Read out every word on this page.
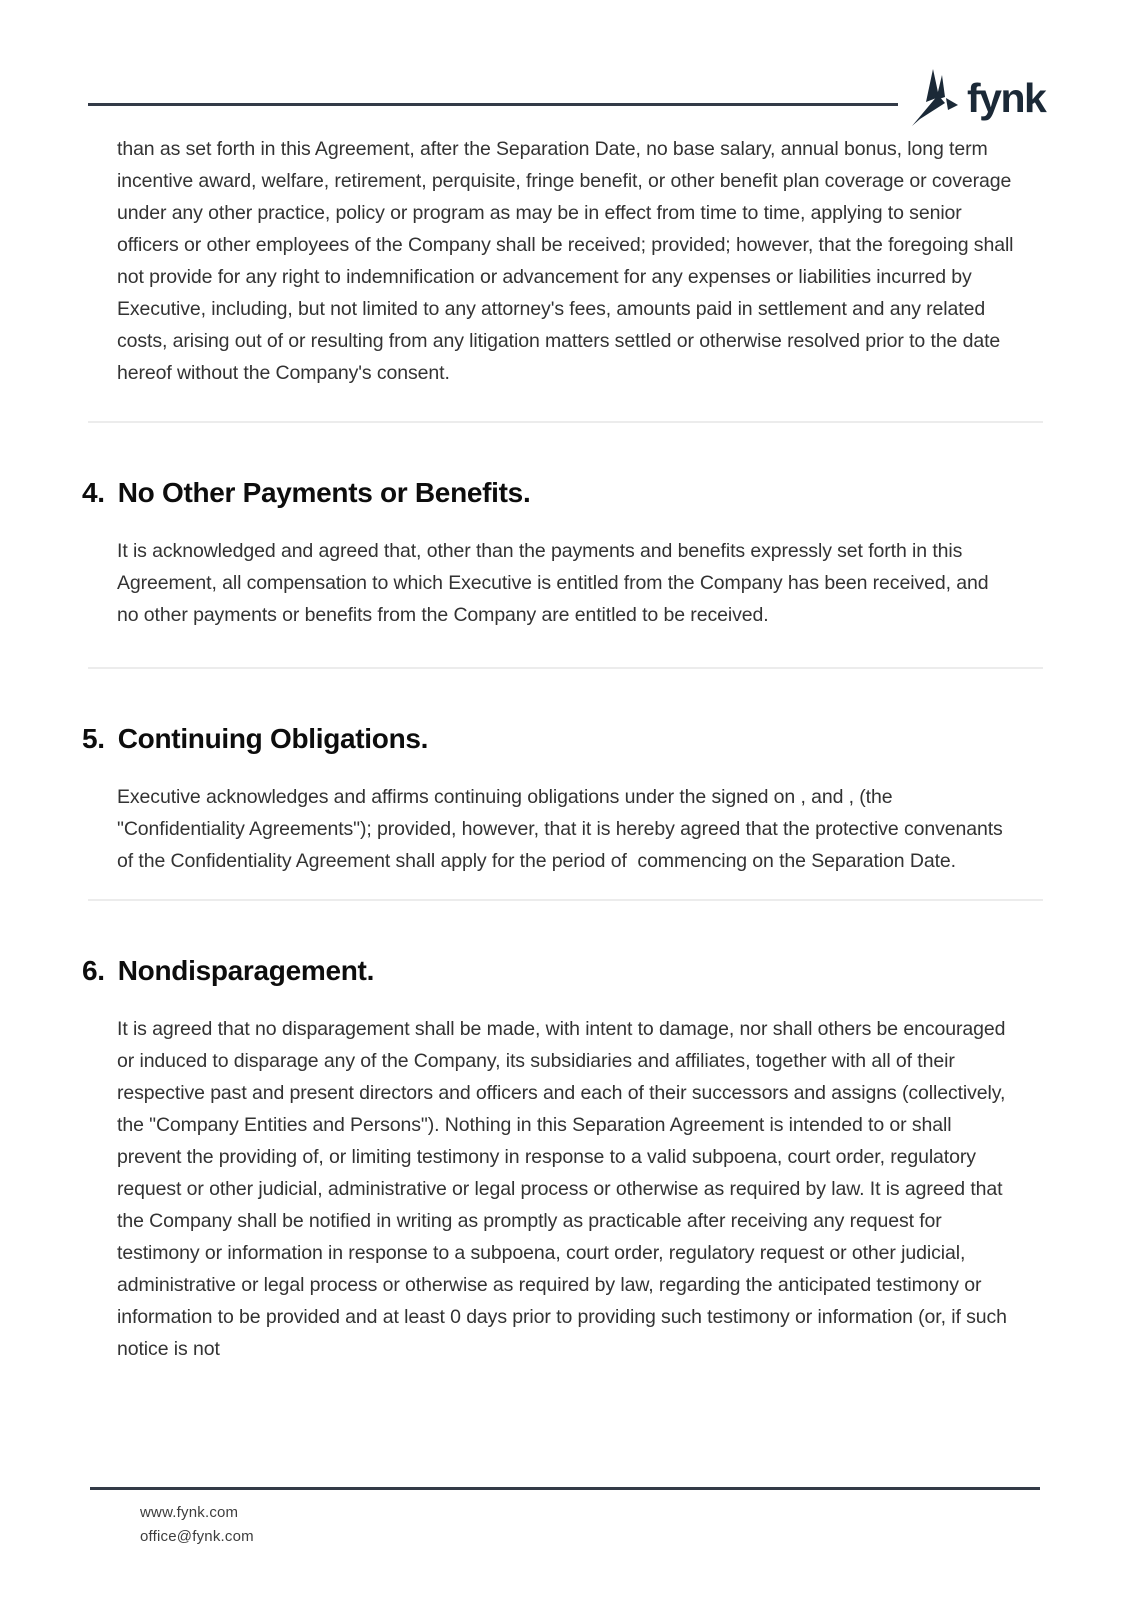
fynk

than as set forth in this Agreement, after the Separation Date, no base salary, annual bonus, long term incentive award, welfare, retirement, perquisite, fringe benefit, or other benefit plan coverage or coverage under any other practice, policy or program as may be in effect from time to time, applying to senior officers or other employees of the Company shall be received; provided; however, that the foregoing shall not provide for any right to indemnification or advancement for any expenses or liabilities incurred by Executive, including, but not limited to any attorney's fees, amounts paid in settlement and any related costs, arising out of or resulting from any litigation matters settled or otherwise resolved prior to the date hereof without the Company's consent.

4. No Other Payments or Benefits.

It is acknowledged and agreed that, other than the payments and benefits expressly set forth in this Agreement, all compensation to which Executive is entitled from the Company has been received, and no other payments or benefits from the Company are entitled to be received.

5. Continuing Obligations.

Executive acknowledges and affirms continuing obligations under the signed on , and , (the "Confidentiality Agreements"); provided, however, that it is hereby agreed that the protective convenants of the Confidentiality Agreement shall apply for the period of  commencing on the Separation Date.

6. Nondisparagement.

It is agreed that no disparagement shall be made, with intent to damage, nor shall others be encouraged or induced to disparage any of the Company, its subsidiaries and affiliates, together with all of their respective past and present directors and officers and each of their successors and assigns (collectively, the "Company Entities and Persons"). Nothing in this Separation Agreement is intended to or shall prevent the providing of, or limiting testimony in response to a valid subpoena, court order, regulatory request or other judicial, administrative or legal process or otherwise as required by law. It is agreed that the Company shall be notified in writing as promptly as practicable after receiving any request for testimony or information in response to a subpoena, court order, regulatory request or other judicial, administrative or legal process or otherwise as required by law, regarding the anticipated testimony or information to be provided and at least 0 days prior to providing such testimony or information (or, if such notice is not

www.fynk.com
office@fynk.com
